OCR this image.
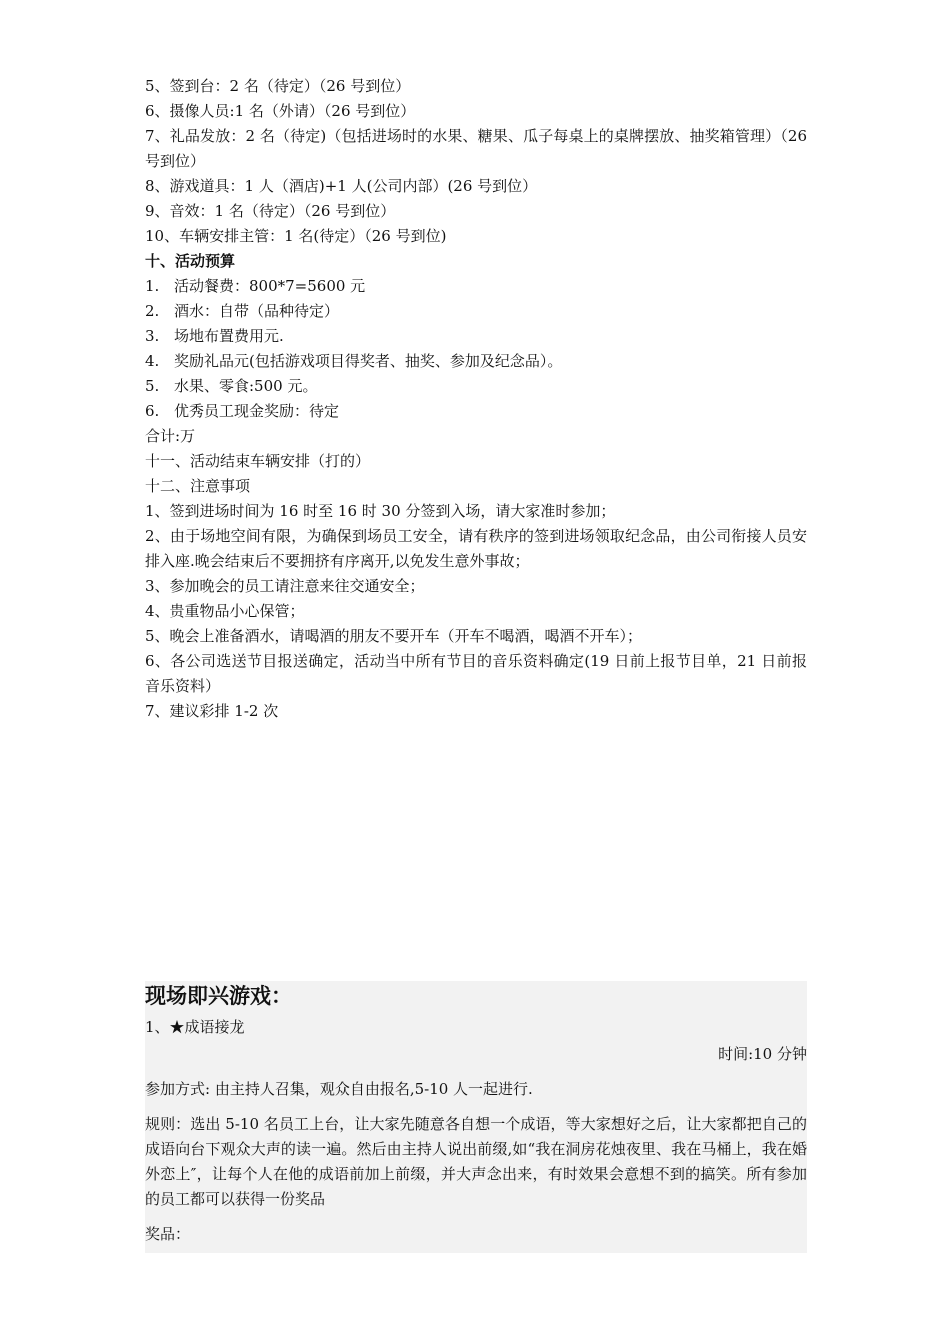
5、签到台：2 名（待定）（26 号到位）

6、摄像人员:1 名（外请）（26 号到位）

7、礼品发放：2 名（待定)（包括进场时的水果、糖果、瓜子每桌上的桌牌摆放、抽奖箱管理）（26 号到位）

8、游戏道具：1 人（酒店)+1 人(公司内部）(26 号到位）

9、音效：1 名（待定）（26 号到位）

10、车辆安排主管：1 名(待定）（26 号到位)

十、活动预算

1. 活动餐费：800*7=5600 元
2. 酒水：自带（品种待定）
3. 场地布置费用元.
4. 奖励礼品元(包括游戏项目得奖者、抽奖、参加及纪念品）。
5. 水果、零食:500 元。
6. 优秀员工现金奖励：待定

合计:万

十一、活动结束车辆安排（打的）

十二、注意事项

1、签到进场时间为 16 时至 16 时 30 分签到入场，请大家准时参加；

2、由于场地空间有限，为确保到场员工安全，请有秩序的签到进场领取纪念品，由公司衔接人员安排入座.晚会结束后不要拥挤有序离开,以免发生意外事故；

3、参加晚会的员工请注意来往交通安全；

4、贵重物品小心保管；

5、晚会上准备酒水，请喝酒的朋友不要开车（开车不喝酒，喝酒不开车）；

6、各公司选送节目报送确定，活动当中所有节目的音乐资料确定(19 日前上报节目单，21 日前报音乐资料）

7、建议彩排 1-2 次

现场即兴游戏：

1、★成语接龙

时间:10 分钟

参加方式: 由主持人召集，观众自由报名,5-10 人一起进行.

规则：选出 5-10 名员工上台，让大家先随意各自想一个成语，等大家想好之后，让大家都把自己的成语向台下观众大声的读一遍。然后由主持人说出前缀,如“我在洞房花烛夜里、我在马桶上，我在婚外恋上″，让每个人在他的成语前加上前缀，并大声念出来，有时效果会意想不到的搞笑。所有参加的员工都可以获得一份奖品

奖品：
